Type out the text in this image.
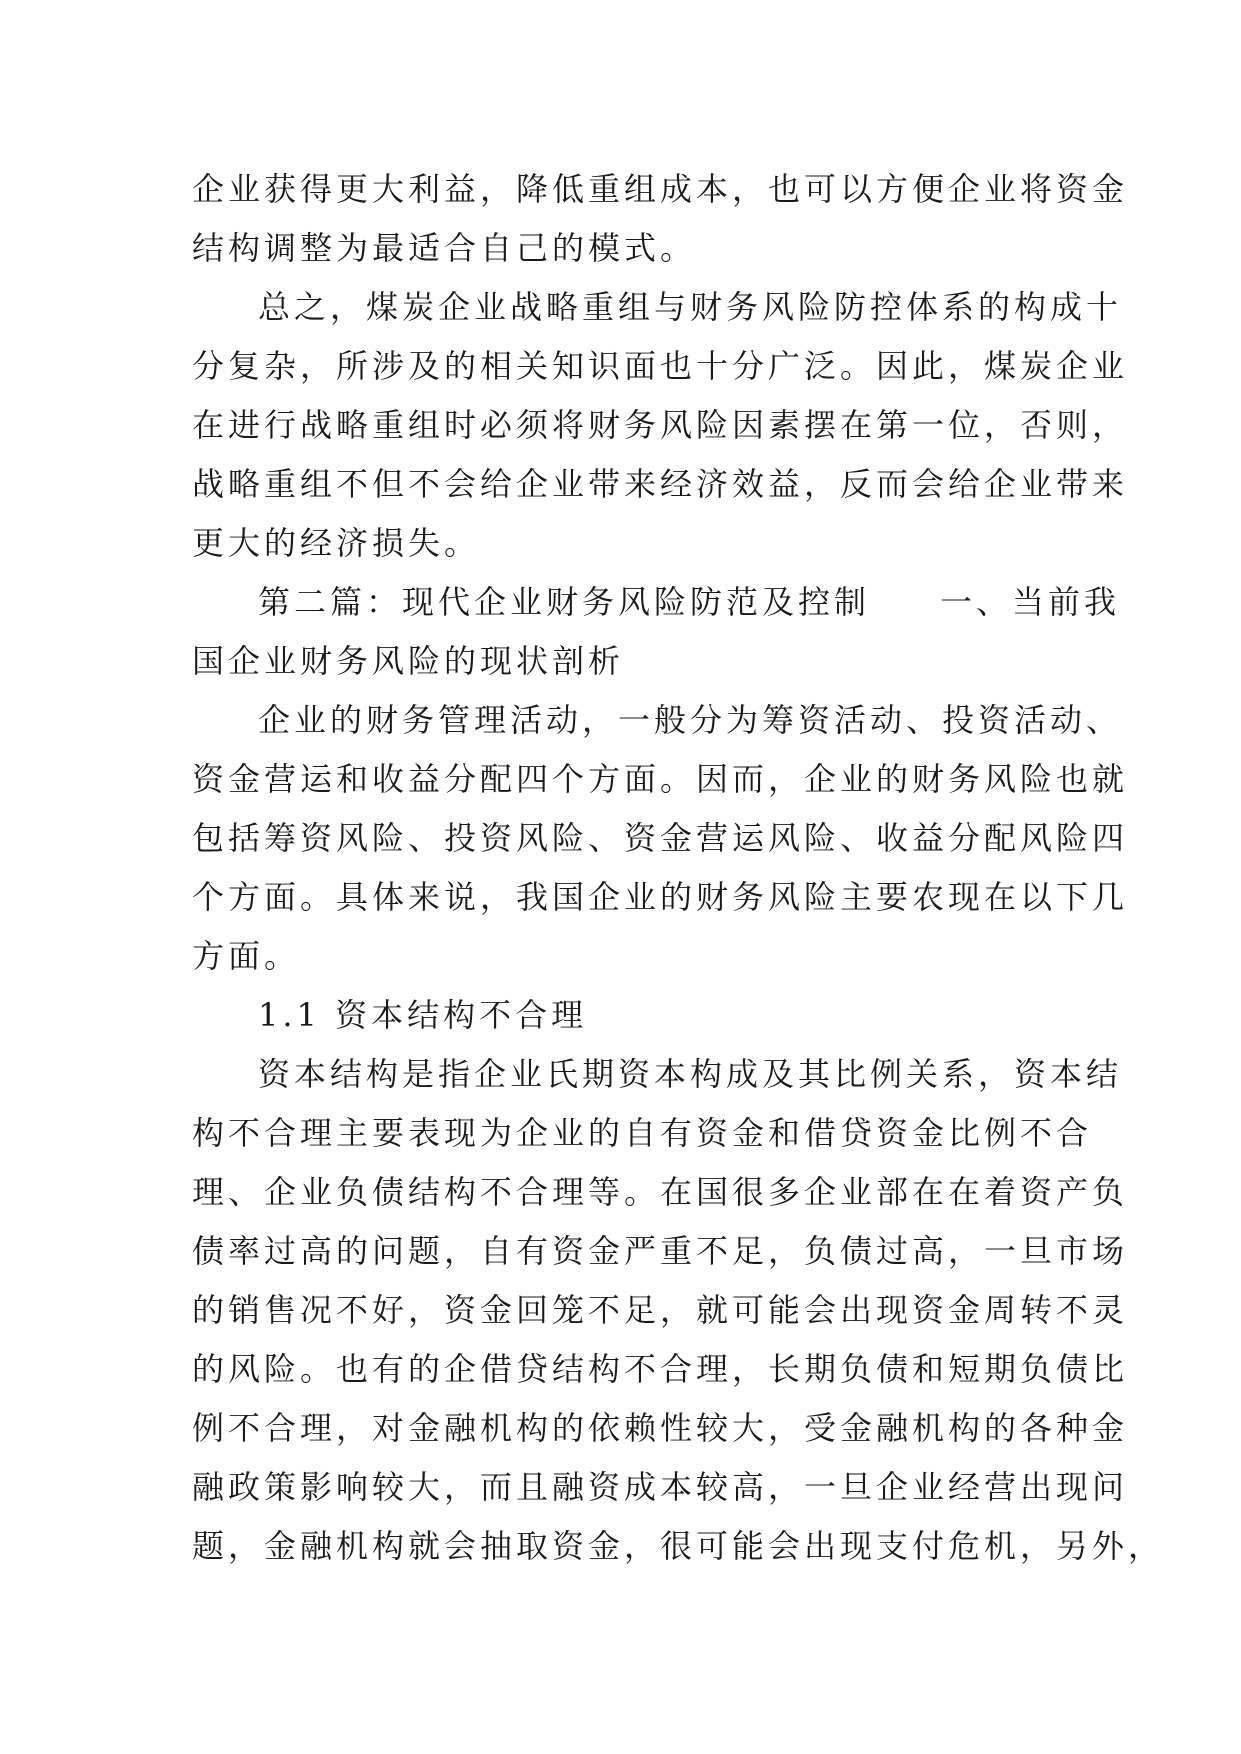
企业获得更大利益，降低重组成本，也可以方便企业将资金
结构调整为最适合自己的模式。
总之，煤炭企业战略重组与财务风险防控体系的构成十
分复杂，所涉及的相关知识面也十分广泛。因此，煤炭企业
在进行战略重组时必须将财务风险因素摆在第一位，否则，
战略重组不但不会给企业带来经济效益，反而会给企业带来
更大的经济损失。
第二篇：现代企业财务风险防范及控制 一、当前我
国企业财务风险的现状剖析
企业的财务管理活动，一般分为筹资活动、投资活动、
资金营运和收益分配四个方面。因而，企业的财务风险也就
包括筹资风险、投资风险、资金营运风险、收益分配风险四
个方面。具体来说，我国企业的财务风险主要农现在以下几
方面。
1.1 资本结构不合理
资本结构是指企业氏期资本构成及其比例关系，资本结
构不合理主要表现为企业的自有资金和借贷资金比例不合
理、企业负债结构不合理等。在国很多企业部在在着资产负
债率过高的问题，自有资金严重不足，负债过高，一旦市场
的销售况不好，资金回笼不足，就可能会出现资金周转不灵
的风险。也有的企借贷结构不合理，长期负债和短期负债比
例不合理，对金融机构的依赖性较大，受金融机构的各种金
融政策影响较大，而且融资成本较高，一旦企业经营出现问
题，金融机构就会抽取资金，很可能会出现支付危机，另外，
